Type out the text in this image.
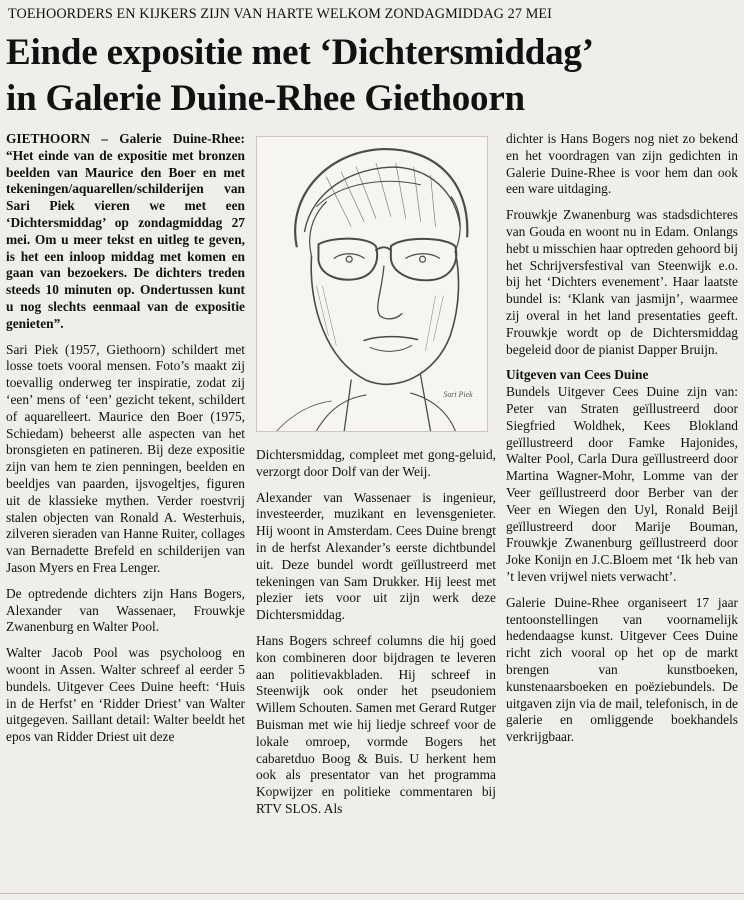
TOEHOORDERS EN KIJKERS ZIJN VAN HARTE WELKOM ZONDAGMIDDAG 27 MEI
Einde expositie met ‘Dichtersmiddag’
in Galerie Duine-Rhee Giethoorn

GIETHOORN – Galerie Duine-Rhee: “Het einde van de expositie met bronzen beelden van Maurice den Boer en met tekeningen/aquarellen/schilderijen van Sari Piek vieren we met een ‘Dichtersmiddag’ op zondagmiddag 27 mei. Om u meer tekst en uitleg te geven, is het een inloop middag met komen en gaan van bezoekers. De dichters treden steeds 10 minuten op. Ondertussen kunt u nog slechts eenmaal van de expositie genieten”.

Sari Piek (1957, Giethoorn) schildert met losse toets vooral mensen. Foto’s maakt zij toevallig onderweg ter inspiratie, zodat zij ‘een’ mens of ‘een’ gezicht tekent, schildert of aquarelleert. Maurice den Boer (1975, Schiedam) beheerst alle aspecten van het bronsgieten en patineren. Bij deze expositie zijn van hem te zien penningen, beelden en beeldjes van paarden, ijsvogeltjes, figuren uit de klassieke mythen. Verder roestvrij stalen objecten van Ronald A. Westerhuis, zilveren sieraden van Hanne Ruiter, collages van Bernadette Brefeld en schilderijen van Jason Myers en Frea Lenger.

De optredende dichters zijn Hans Bogers, Alexander van Wassenaer, Frouwkje Zwanenburg en Walter Pool.

Walter Jacob Pool was psycholoog en woont in Assen. Walter schreef al eerder 5 bundels. Uitgever Cees Duine heeft: ‘Huis in de Herfst’ en ‘Ridder Driest’ van Walter uitgegeven. Saillant detail: Walter beeldt het epos van Ridder Driest uit deze

Sari Piek

Dichtersmiddag, compleet met gong-geluid, verzorgt door Dolf van der Weij.

Alexander van Wassenaer is ingenieur, investeerder, muzikant en levensgenieter. Hij woont in Amsterdam. Cees Duine brengt in de herfst Alexander’s eerste dichtbundel uit. Deze bundel wordt geïllustreerd met tekeningen van Sam Drukker. Hij leest met plezier iets voor uit zijn werk deze Dichtersmiddag.

Hans Bogers schreef columns die hij goed kon combineren door bijdragen te leveren aan politievakbladen. Hij schreef in Steenwijk ook onder het pseudoniem Willem Schouten. Samen met Gerard Rutger Buisman met wie hij liedje schreef voor de lokale omroep, vormde Bogers het cabaretduo Boog & Buis. U herkent hem ook als presentator van het programma Kopwijzer en politieke commentaren bij RTV SLOS. Als

dichter is Hans Bogers nog niet zo bekend en het voordragen van zijn gedichten in Galerie Duine-Rhee is voor hem dan ook een ware uitdaging.

Frouwkje Zwanenburg was stadsdichteres van Gouda en woont nu in Edam. Onlangs hebt u misschien haar optreden gehoord bij het Schrijversfestival van Steenwijk e.o. bij het ‘Dichters evenement’. Haar laatste bundel is: ‘Klank van jasmijn’, waarmee zij overal in het land presentaties geeft. Frouwkje wordt op de Dichtersmiddag begeleid door de pianist Dapper Bruijn.

Uitgeven van Cees Duine

Bundels Uitgever Cees Duine zijn van: Peter van Straten geïllustreerd door Siegfried Woldhek, Kees Blokland geïllustreerd door Famke Hajonides, Walter Pool, Carla Dura geïllustreerd door Martina Wagner-Mohr, Lomme van der Veer geïllustreerd door Berber van der Veer en Wiegen den Uyl, Ronald Beijl geïllustreerd door Marije Bouman, Frouwkje Zwanenburg geïllustreerd door Joke Konijn en J.C.Bloem met ‘Ik heb van ’t leven vrijwel niets verwacht’.

Galerie Duine-Rhee organiseert 17 jaar tentoonstellingen van voornamelijk hedendaagse kunst. Uitgever Cees Duine richt zich vooral op het op de markt brengen van kunstboeken, kunstenaarsboeken en poëziebundels. De uitgaven zijn via de mail, telefonisch, in de galerie en omliggende boekhandels verkrijgbaar.
